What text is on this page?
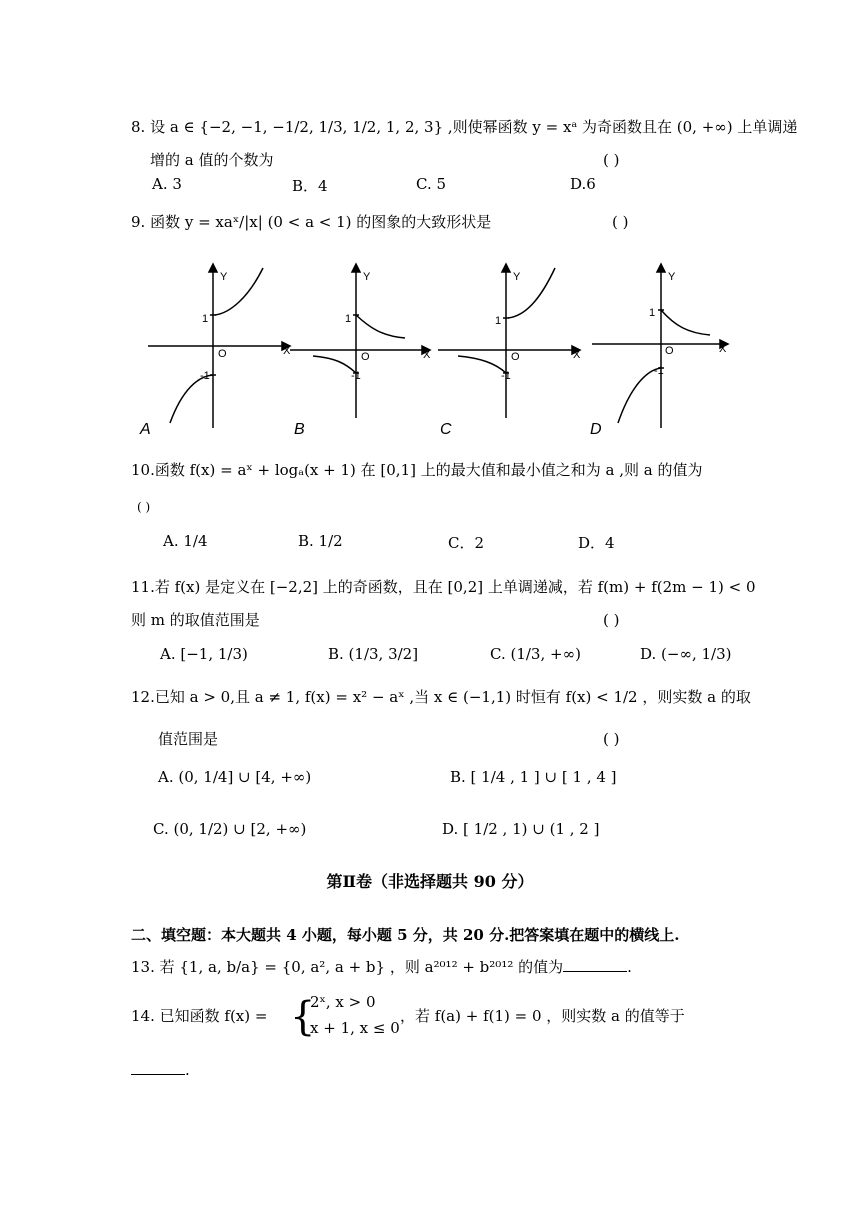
8. 设 a ∈ {−2, −1, −1/2, 1/3, 1/2, 1, 2, 3} ,则使幂函数 y = xᵃ 为奇函数且在 (0, +∞) 上单调递
增的 a 值的个数为	( )
A. 3	B．4	C. 5	D.6
9. 函数 y = xaˣ/|x| (0 < a < 1) 的图象的大致形状是	( )
Y
X
1
O
-1
Y
X
1
O
-1
Y
X
1
O
-1
Y
X
1
O
-1
A	B	C	D
10.函数 f(x) = aˣ + logₐ(x + 1) 在 [0,1] 上的最大值和最小值之和为 a ,则 a 的值为
( )
A. 1/4	B. 1/2	C．2	D．4
11.若 f(x) 是定义在 [−2,2] 上的奇函数，且在 [0,2] 上单调递减，若 f(m) + f(2m − 1) < 0
则 m 的取值范围是	( )
A. [−1, 1/3)	B. (1/3, 3/2]	C. (1/3, +∞)	D. (−∞, 1/3)
12.已知 a > 0,且 a ≠ 1, f(x) = x² − aˣ ,当 x ∈ (−1,1) 时恒有 f(x) < 1/2 ，则实数 a 的取
值范围是	( )
A. (0, 1/4] ∪ [4, +∞)	B. [ 1/4 , 1 ] ∪ [ 1 , 4 ]
C. (0, 1/2) ∪ [2, +∞)	D. [ 1/2 , 1) ∪ (1 , 2 ]
第Ⅱ卷（非选择题共 90 分）
二、填空题：本大题共 4 小题，每小题 5 分，共 20 分.把答案填在题中的横线上.
13. 若 {1, a, b/a} = {0, a², a + b} ，则 a²⁰¹² + b²⁰¹² 的值为	.
14. 已知函数 f(x) = {
2ˣ, x > 0
x + 1, x ≤ 0
，若 f(a) + f(1) = 0 ，则实数 a 的值等于
.
